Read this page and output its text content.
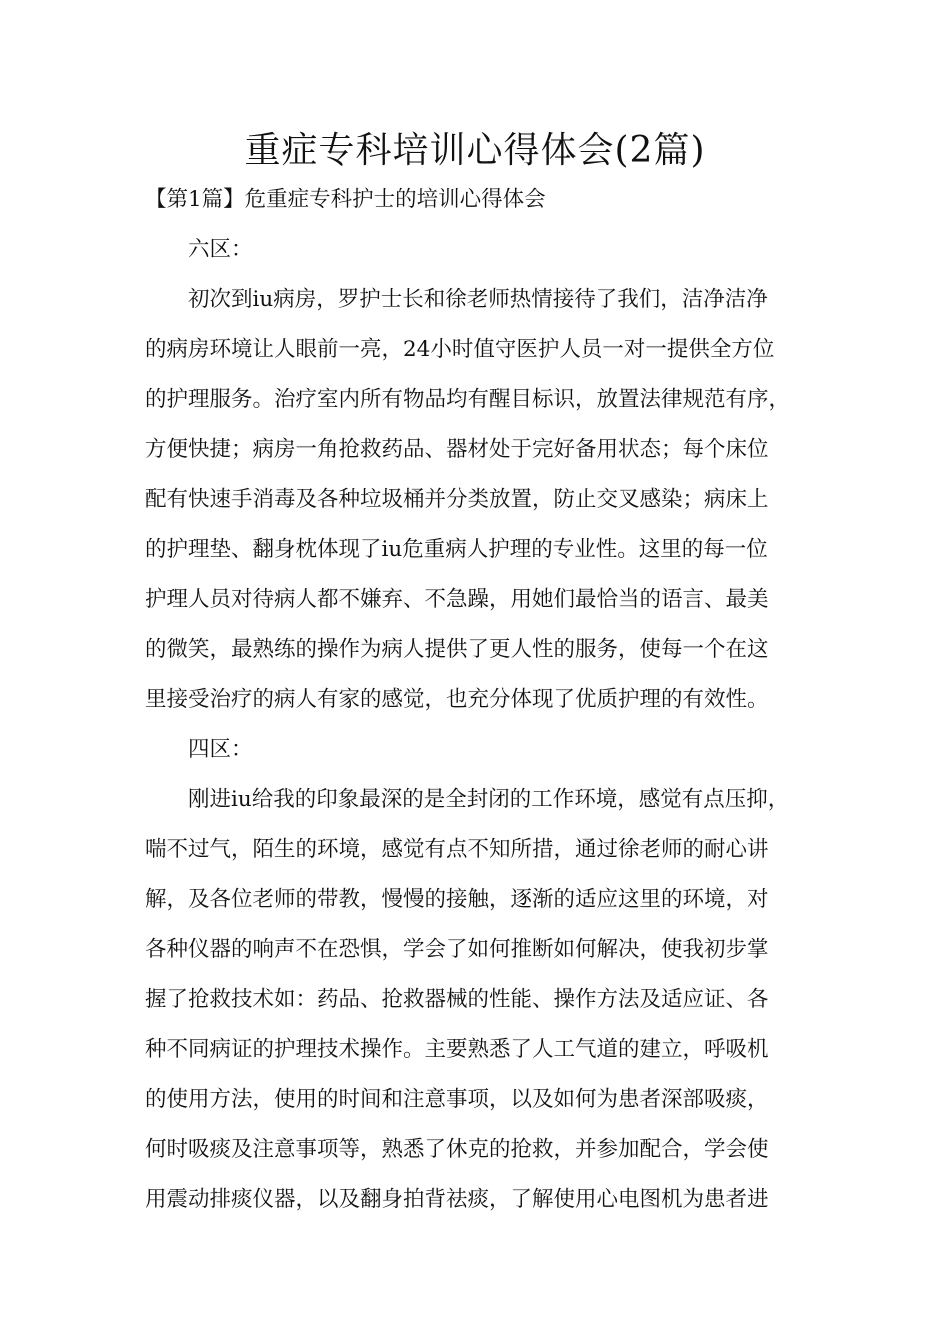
重症专科培训心得体会(2篇)
【第1篇】危重症专科护士的培训心得体会
六区：
初次到iu病房，罗护士长和徐老师热情接待了我们，洁净洁净
的病房环境让人眼前一亮，24小时值守医护人员一对一提供全方位
的护理服务。治疗室内所有物品均有醒目标识，放置法律规范有序，
方便快捷；病房一角抢救药品、器材处于完好备用状态；每个床位
配有快速手消毒及各种垃圾桶并分类放置，防止交叉感染；病床上
的护理垫、翻身枕体现了iu危重病人护理的专业性。这里的每一位
护理人员对待病人都不嫌弃、不急躁，用她们最恰当的语言、最美
的微笑，最熟练的操作为病人提供了更人性的服务，使每一个在这
里接受治疗的病人有家的感觉，也充分体现了优质护理的有效性。
四区：
刚进iu给我的印象最深的是全封闭的工作环境，感觉有点压抑，
喘不过气，陌生的环境，感觉有点不知所措，通过徐老师的耐心讲
解，及各位老师的带教，慢慢的接触，逐渐的适应这里的环境，对
各种仪器的响声不在恐惧，学会了如何推断如何解决，使我初步掌
握了抢救技术如：药品、抢救器械的性能、操作方法及适应证、各
种不同病证的护理技术操作。主要熟悉了人工气道的建立，呼吸机
的使用方法，使用的时间和注意事项，以及如何为患者深部吸痰，
何时吸痰及注意事项等，熟悉了休克的抢救，并参加配合，学会使
用震动排痰仪器，以及翻身拍背祛痰，了解使用心电图机为患者进
